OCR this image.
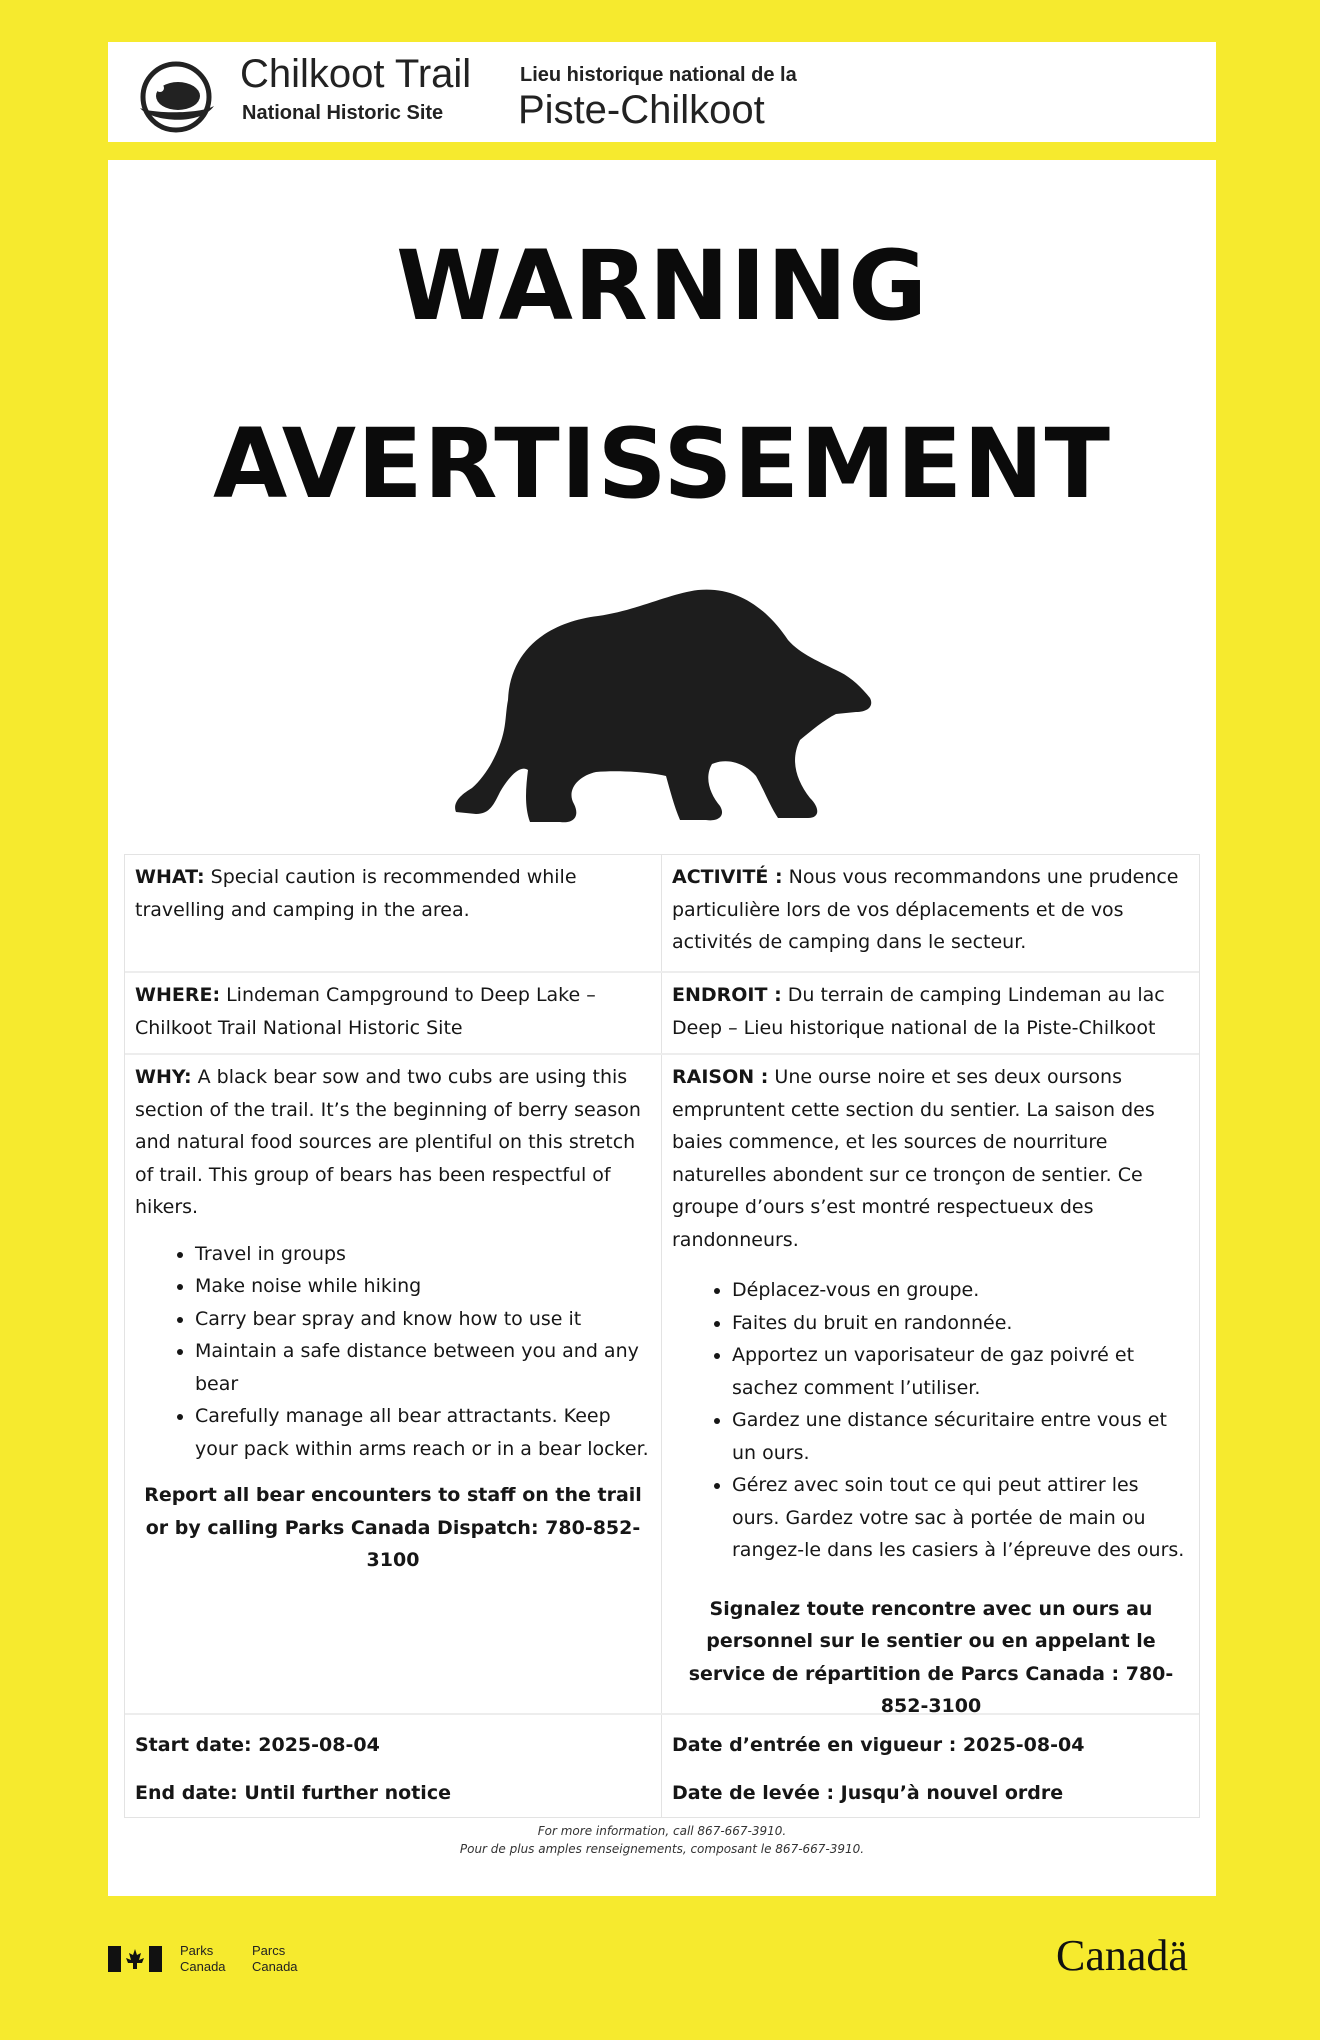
Chilkoot Trail
National Historic Site
Lieu historique national de la
Piste-Chilkoot
WARNING
AVERTISSEMENT
WHAT: Special caution is recommended while travelling and camping in the area.
ACTIVITÉ : Nous vous recommandons une prudence particulière lors de vos déplacements et de vos activités de camping dans le secteur.
WHERE: Lindeman Campground to Deep Lake – Chilkoot Trail National Historic Site
ENDROIT : Du terrain de camping Lindeman au lac Deep – Lieu historique national de la Piste-Chilkoot
WHY: A black bear sow and two cubs are using this section of the trail. It’s the beginning of berry season and natural food sources are plentiful on this stretch of trail. This group of bears has been respectful of hikers.
• Travel in groups
• Make noise while hiking
• Carry bear spray and know how to use it
• Maintain a safe distance between you and any bear
• Carefully manage all bear attractants. Keep your pack within arms reach or in a bear locker.
Report all bear encounters to staff on the trail or by calling Parks Canada Dispatch: 780-852-3100
RAISON : Une ourse noire et ses deux oursons empruntent cette section du sentier. La saison des baies commence, et les sources de nourriture naturelles abondent sur ce tronçon de sentier. Ce groupe d’ours s’est montré respectueux des randonneurs.
• Déplacez-vous en groupe.
• Faites du bruit en randonnée.
• Apportez un vaporisateur de gaz poivré et sachez comment l’utiliser.
• Gardez une distance sécuritaire entre vous et un ours.
• Gérez avec soin tout ce qui peut attirer les ours. Gardez votre sac à portée de main ou rangez-le dans les casiers à l’épreuve des ours.
Signalez toute rencontre avec un ours au personnel sur le sentier ou en appelant le service de répartition de Parcs Canada : 780-852-3100
Start date: 2025-08-04
End date: Until further notice
Date d’entrée en vigueur : 2025-08-04
Date de levée : Jusqu’à nouvel ordre
For more information, call 867-667-3910.
Pour de plus amples renseignements, composant le 867-667-3910.
Parks
Canada
Parcs
Canada	Canadä
